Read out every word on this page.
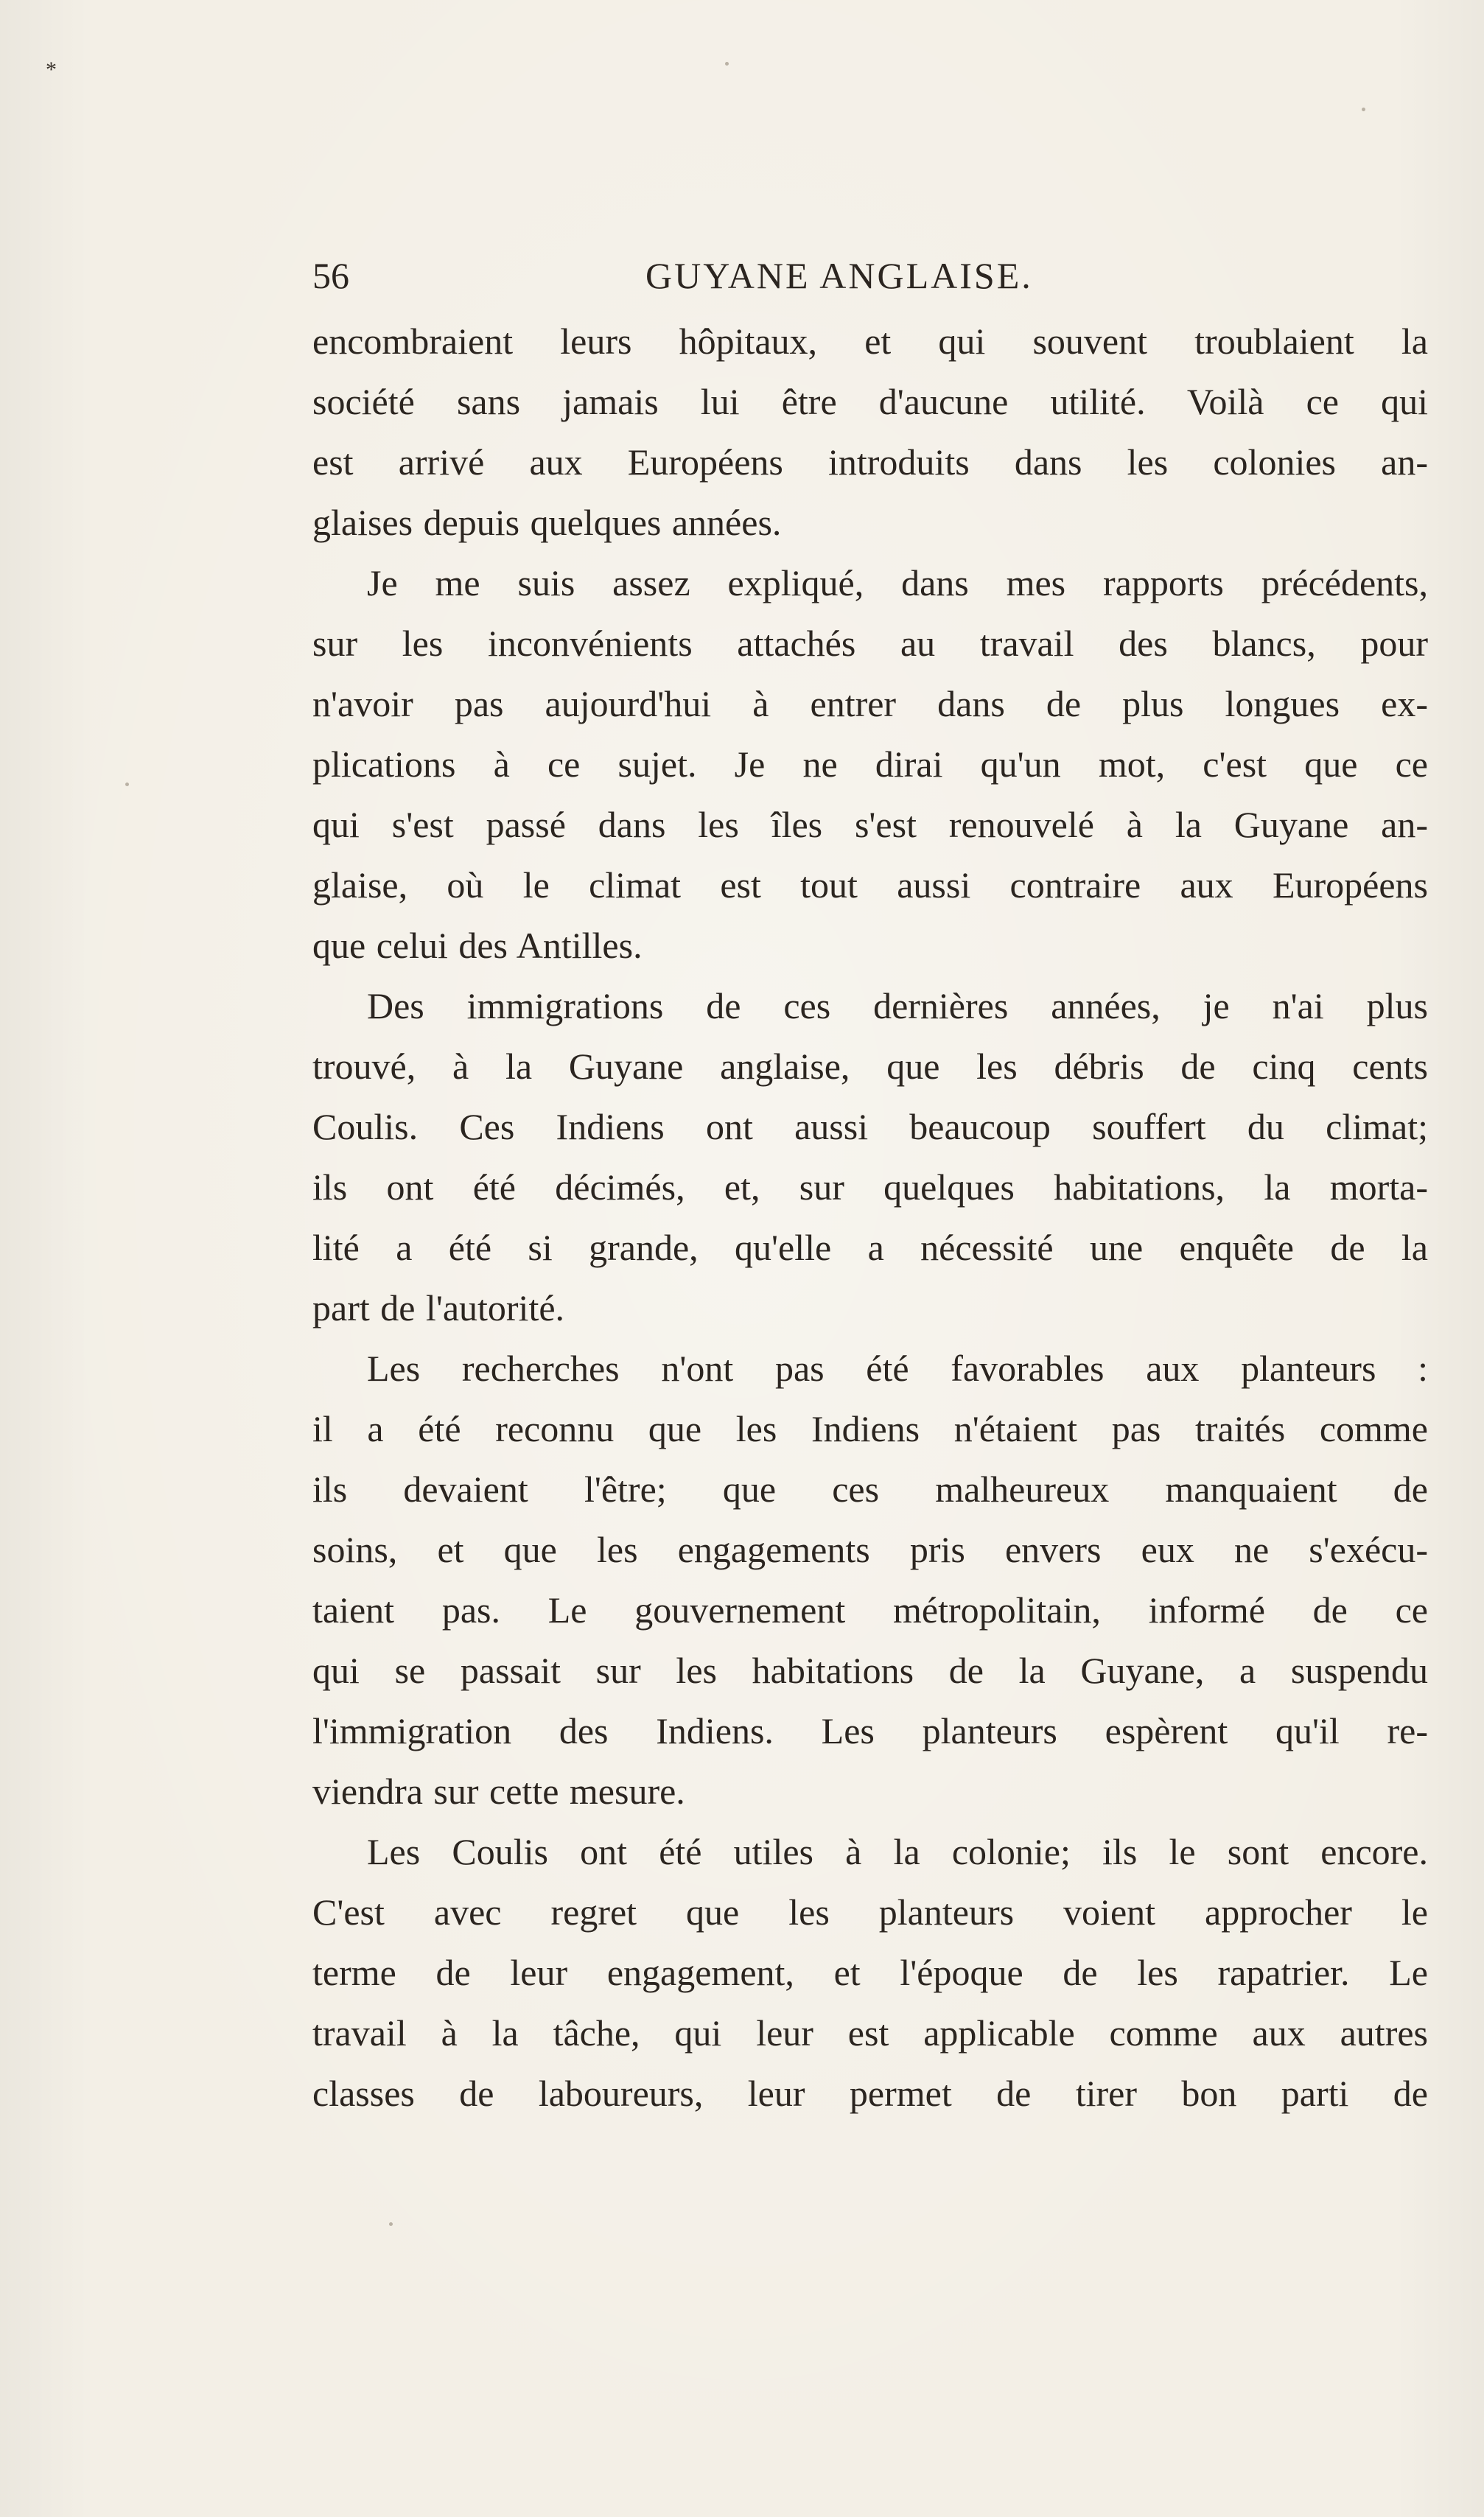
*
56	GUYANE ANGLAISE.
encombraient leurs hôpitaux, et qui souvent troublaient la
société sans jamais lui être d'aucune utilité. Voilà ce qui
est arrivé aux Européens introduits dans les colonies an-
glaises depuis quelques années.
Je me suis assez expliqué, dans mes rapports précédents,
sur les inconvénients attachés au travail des blancs, pour
n'avoir pas aujourd'hui à entrer dans de plus longues ex-
plications à ce sujet. Je ne dirai qu'un mot, c'est que ce
qui s'est passé dans les îles s'est renouvelé à la Guyane an-
glaise, où le climat est tout aussi contraire aux Européens
que celui des Antilles.
Des immigrations de ces dernières années, je n'ai plus
trouvé, à la Guyane anglaise, que les débris de cinq cents
Coulis. Ces Indiens ont aussi beaucoup souffert du climat;
ils ont été décimés, et, sur quelques habitations, la morta-
lité a été si grande, qu'elle a nécessité une enquête de la
part de l'autorité.
Les recherches n'ont pas été favorables aux planteurs :
il a été reconnu que les Indiens n'étaient pas traités comme
ils devaient l'être; que ces malheureux manquaient de
soins, et que les engagements pris envers eux ne s'exécu-
taient pas. Le gouvernement métropolitain, informé de ce
qui se passait sur les habitations de la Guyane, a suspendu
l'immigration des Indiens. Les planteurs espèrent qu'il re-
viendra sur cette mesure.
Les Coulis ont été utiles à la colonie; ils le sont encore.
C'est avec regret que les planteurs voient approcher le
terme de leur engagement, et l'époque de les rapatrier. Le
travail à la tâche, qui leur est applicable comme aux autres
classes de laboureurs, leur permet de tirer bon parti de
